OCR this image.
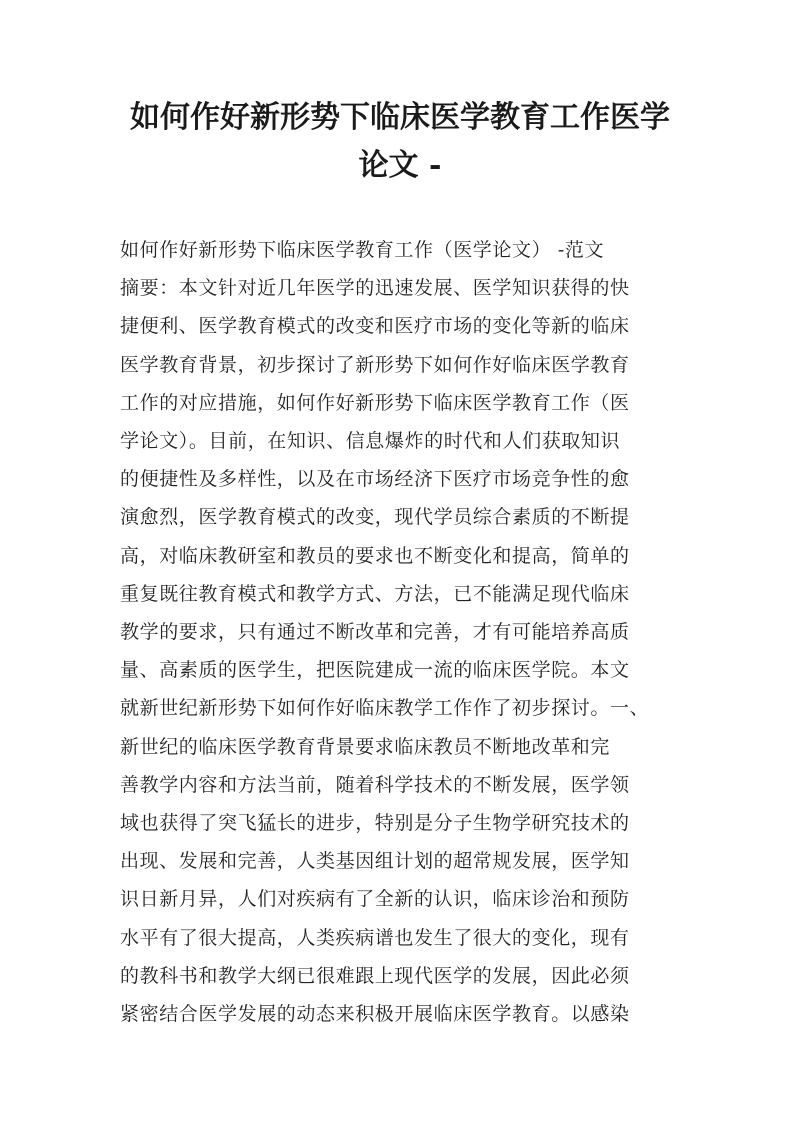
如何作好新形势下临床医学教育工作医学
论文 -
如何作好新形势下临床医学教育工作（医学论文） -范文
摘要：本文针对近几年医学的迅速发展、医学知识获得的快
捷便利、医学教育模式的改变和医疗市场的变化等新的临床
医学教育背景，初步探讨了新形势下如何作好临床医学教育
工作的对应措施，如何作好新形势下临床医学教育工作（医
学论文）。目前，在知识、信息爆炸的时代和人们获取知识
的便捷性及多样性，以及在市场经济下医疗市场竞争性的愈
演愈烈，医学教育模式的改变，现代学员综合素质的不断提
高，对临床教研室和教员的要求也不断变化和提高，简单的
重复既往教育模式和教学方式、方法，已不能满足现代临床
教学的要求，只有通过不断改革和完善，才有可能培养高质
量、高素质的医学生，把医院建成一流的临床医学院。本文
就新世纪新形势下如何作好临床教学工作作了初步探讨。一、
新世纪的临床医学教育背景要求临床教员不断地改革和完
善教学内容和方法当前，随着科学技术的不断发展，医学领
域也获得了突飞猛长的进步，特别是分子生物学研究技术的
出现、发展和完善，人类基因组计划的超常规发展，医学知
识日新月异，人们对疾病有了全新的认识，临床诊治和预防
水平有了很大提高，人类疾病谱也发生了很大的变化，现有
的教科书和教学大纲已很难跟上现代医学的发展，因此必须
紧密结合医学发展的动态来积极开展临床医学教育。以感染
